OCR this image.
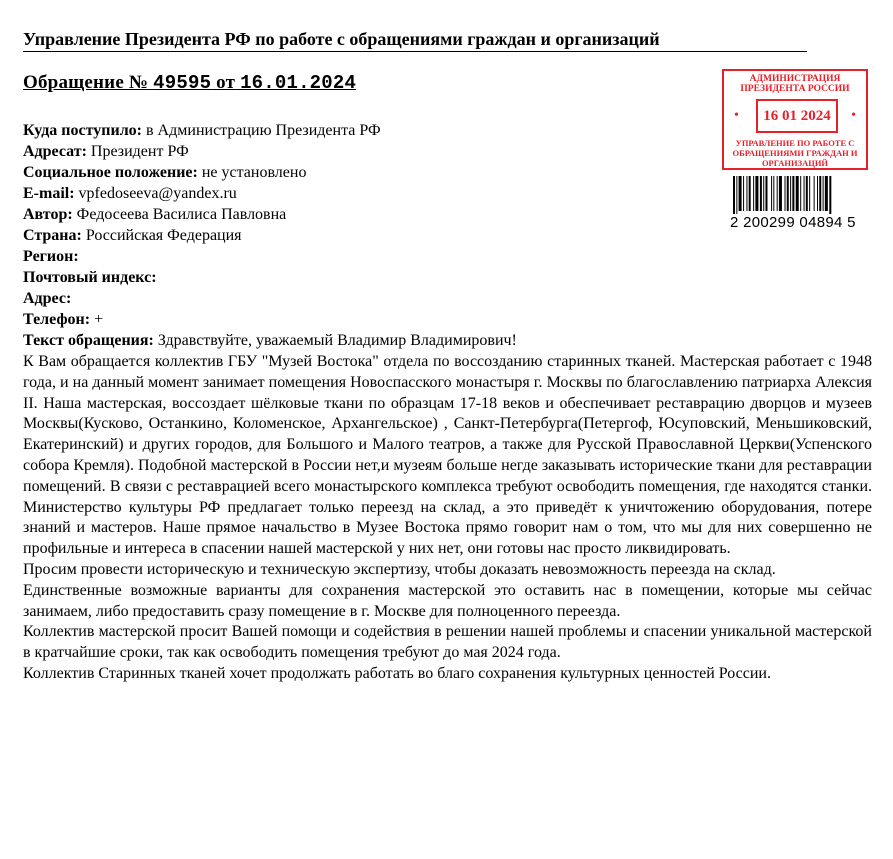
Управление Президента РФ по работе с обращениями граждан и организаций
Обращение № 49595 от 16.01.2024
Куда поступило: в Администрацию Президента РФ
Адресат: Президент РФ
Социальное положение: не установлено
E-mail: vpfedoseeva@yandex.ru
Автор: Федосеева Василиса Павловна
Страна: Российская Федерация
Регион:
Почтовый индекс:
Адрес:
Телефон: +
Текст обращения: Здравствуйте, уважаемый Владимир Владимирович!

К Вам обращается коллектив ГБУ "Музей Востока" отдела по воссозданию старинных тканей. Мастерская работает с 1948 года, и на данный момент занимает помещения Новоспасского монастыря г. Москвы по благославлению патриарха Алексия II. Наша мастерская, воссоздает шёлковые ткани по образцам 17-18 веков и обеспечивает реставрацию дворцов и музеев Москвы(Кусково, Останкино, Коломенское, Архангельское) , Санкт-Петербурга(Петергоф, Юсуповский, Меньшиковский, Екатеринский) и других городов, для Большого и Малого театров, а также для Русской Православной Церкви(Успенского собора Кремля). Подобной мастерской в России нет,и музеям больше негде заказывать исторические ткани для реставрации помещений. В связи с реставрацией всего монастырского комплекса требуют освободить помещения, где находятся станки. Министерство культуры РФ предлагает только переезд на склад, а это приведёт к уничтожению оборудования, потере знаний и мастеров. Наше прямое начальство в Музее Востока прямо говорит нам о том, что мы для них совершенно не профильные и интереса в спасении нашей мастерской у них нет, они готовы нас просто ликвидировать.

Просим провести историческую и техническую экспертизу, чтобы доказать невозможность переезда на склад.

Единственные возможные варианты для сохранения мастерской это оставить нас в помещении, которые мы сейчас занимаем, либо предоставить сразу помещение в г. Москве для полноценного переезда.

Коллектив мастерской просит Вашей помощи и содействия в решении нашей проблемы и спасении уникальной мастерской в кратчайшие сроки, так как освободить помещения требуют до мая 2024 года.

Коллектив Старинных тканей хочет продолжать работать во благо сохранения культурных ценностей России.

АДМИНИСТРАЦИЯ ПРЕЗИДЕНТА РОССИИ
•	16 01 2024	•
УПРАВЛЕНИЕ ПО РАБОТЕ С ОБРАЩЕНИЯМИ ГРАЖДАН И ОРГАНИЗАЦИЙ
2 200299 04894 5
